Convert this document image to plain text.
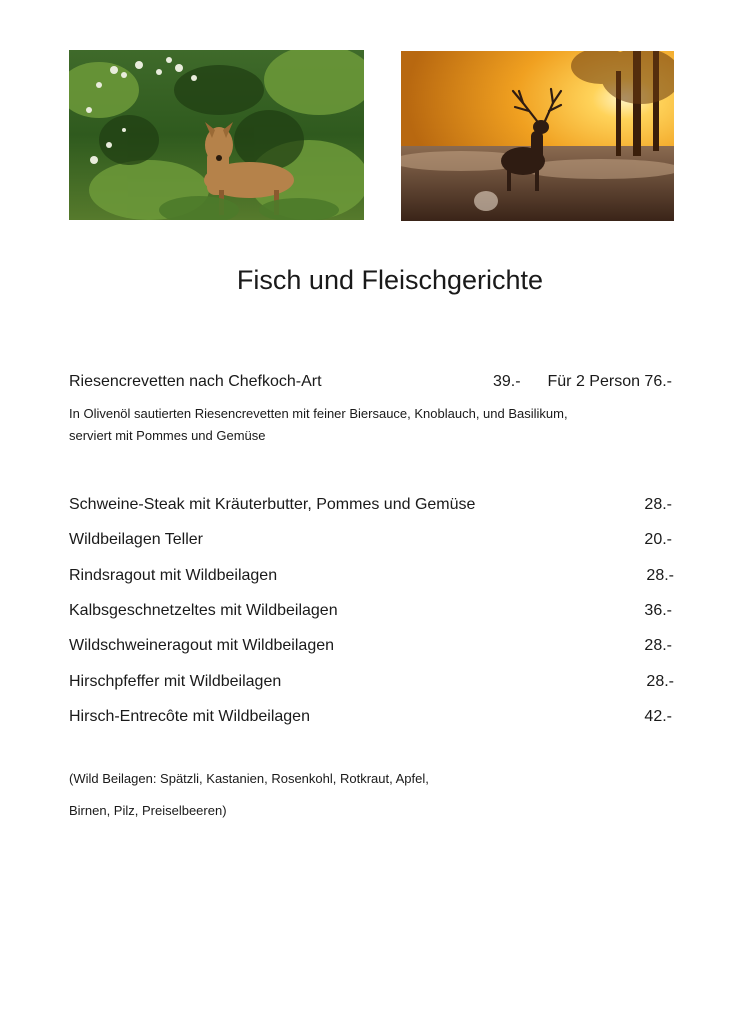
Fisch und Fleischgerichte
Riesencrevetten nach Chefkoch-Art	39.- Für 2 Person 76.-
In Olivenöl sautierten Riesencrevetten mit feiner Biersauce, Knoblauch, und Basilikum,
serviert mit Pommes und Gemüse
Schweine-Steak mit Kräuterbutter, Pommes und Gemüse	28.-
Wildbeilagen Teller	20.-
Rindsragout mit Wildbeilagen	28.-
Kalbsgeschnetzeltes mit Wildbeilagen	36.-
Wildschweineragout mit Wildbeilagen	28.-
Hirschpfeffer mit Wildbeilagen	28.-
Hirsch-Entrecôte mit Wildbeilagen	42.-
(Wild Beilagen: Spätzli, Kastanien, Rosenkohl, Rotkraut, Apfel,
Birnen, Pilz, Preiselbeeren)
